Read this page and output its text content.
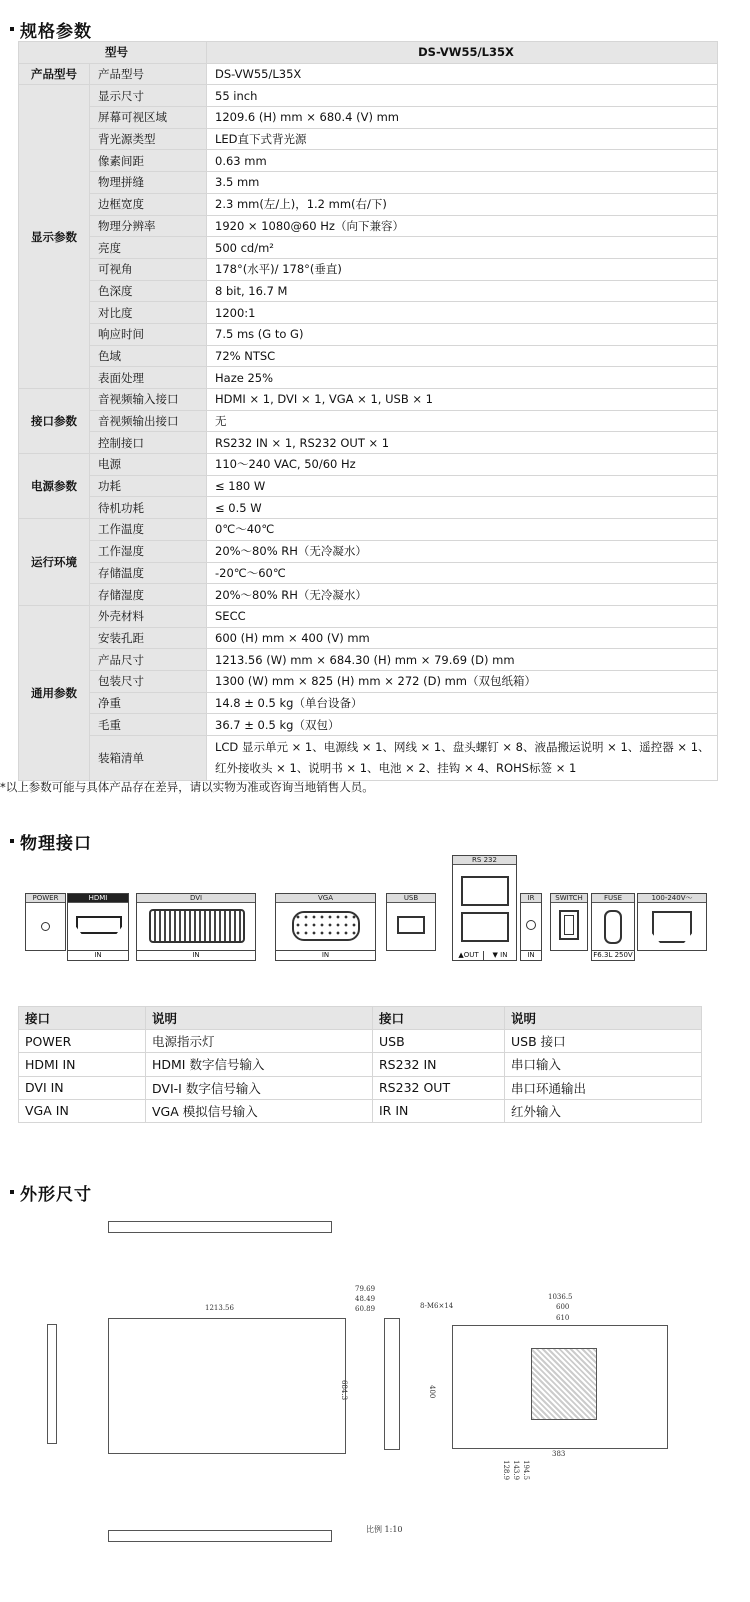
规格参数
型号		DS-VW55/L35X
产品型号	产品型号	DS-VW55/L35X
显示参数	显示尺寸	55 inch
	屏幕可视区域	1209.6 (H) mm × 680.4 (V) mm
	背光源类型	LED直下式背光源
	像素间距	0.63 mm
	物理拼缝	3.5 mm
	边框宽度	2.3 mm(左/上)，1.2 mm(右/下)
	物理分辨率	1920 × 1080@60 Hz（向下兼容）
	亮度	500 cd/m²
	可视角	178°(水平)/ 178°(垂直)
	色深度	8 bit, 16.7 M
	对比度	1200:1
	响应时间	7.5 ms (G to G)
	色域	72% NTSC
	表面处理	Haze 25%
接口参数	音视频输入接口	HDMI × 1, DVI × 1, VGA × 1, USB × 1
	音视频输出接口	无
	控制接口	RS232 IN × 1, RS232 OUT × 1
电源参数	电源	110～240 VAC, 50/60 Hz
	功耗	≤ 180 W
	待机功耗	≤ 0.5 W
运行环境	工作温度	0℃～40℃
	工作湿度	20%～80% RH（无冷凝水）
	存储温度	-20℃～60℃
	存储湿度	20%～80% RH（无冷凝水）
通用参数	外壳材料	SECC
	安装孔距	600 (H) mm × 400 (V) mm
	产品尺寸	1213.56 (W) mm × 684.30 (H) mm × 79.69 (D) mm
	包装尺寸	1300 (W) mm × 825 (H) mm × 272 (D) mm（双包纸箱）
	净重	14.8 ± 0.5 kg（单台设备）
	毛重	36.7 ± 0.5 kg（双包）
	装箱清单	LCD 显示单元 × 1、电源线 × 1、网线 × 1、盘头螺钉 × 8、液晶搬运说明 × 1、遥控器 × 1、红外接收头 × 1、说明书 × 1、电池 × 2、挂钩 × 4、ROHS标签 × 1
*以上参数可能与具体产品存在差异，请以实物为准或咨询当地销售人员。
物理接口
POWER	HDMI
IN
DVI
IN
VGA
IN
USB
RS 232
▲OUT	▼ IN
IR
IN
SWITCH	FUSE
F6.3L 250V
100-240V～
接口	说明	接口	说明
POWER	电源指示灯	USB	USB 接口
HDMI IN	HDMI 数字信号输入	RS232 IN	串口输入
DVI IN	DVI-I 数字信号输入	RS232 OUT	串口环通输出
VGA IN	VGA 模拟信号输入	IR IN	红外输入
外形尺寸
1213.56
684.3
79.69
48.49
60.89	8-M6×14
1036.5
600
610
400
383
128.9 143.9 194.5
比例 1:10
